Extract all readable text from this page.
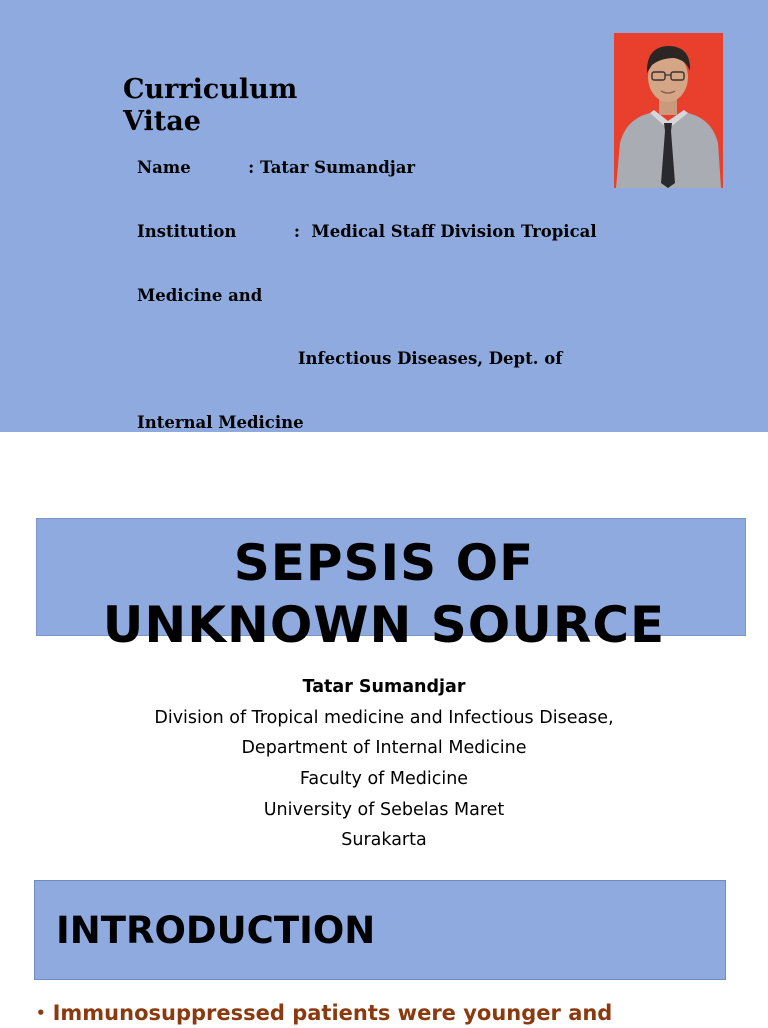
Curriculum Vitae

Name          : Tatar Sumandjar

Institution          :  Medical Staff Division Tropical

Medicine and

Infectious Diseases, Dept. of

Internal Medicine

SEPSIS OF
UNKNOWN SOURCE
Tatar Sumandjar
Division of Tropical medicine and Infectious Disease,
Department of Internal Medicine
Faculty of Medicine
University of Sebelas Maret
Surakarta
INTRODUCTION
• Immunosuppressed patients were younger and
